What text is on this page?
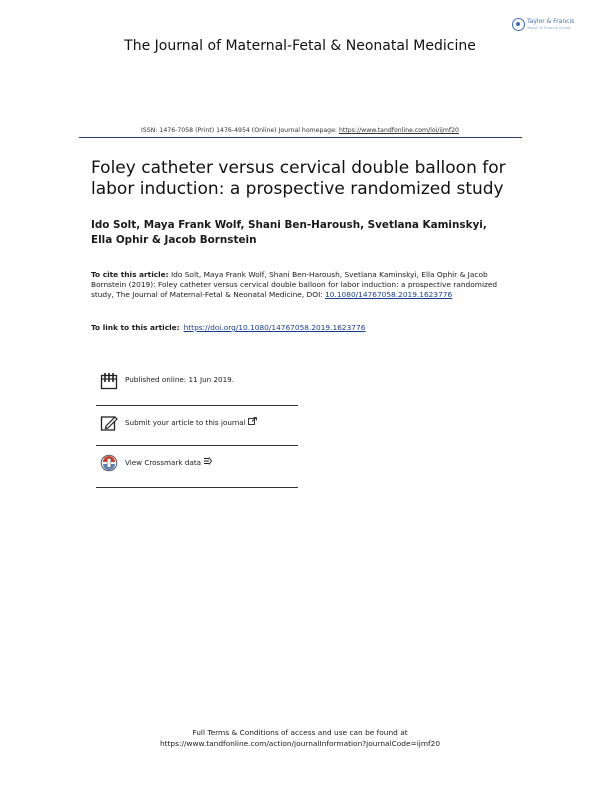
Taylor & Francis
Taylor & Francis Group
The Journal of Maternal-Fetal & Neonatal Medicine
ISSN: 1476-7058 (Print) 1476-4954 (Online) Journal homepage: https://www.tandfonline.com/loi/ijmf20
Foley catheter versus cervical double balloon for labor induction: a prospective randomized study
Ido Solt, Maya Frank Wolf, Shani Ben-Haroush, Svetlana Kaminskyi, Ella Ophir & Jacob Bornstein
To cite this article: Ido Solt, Maya Frank Wolf, Shani Ben-Haroush, Svetlana Kaminskyi, Ella Ophir & Jacob Bornstein (2019): Foley catheter versus cervical double balloon for labor induction: a prospective randomized study, The Journal of Maternal-Fetal & Neonatal Medicine, DOI: 10.1080/14767058.2019.1623776
To link to this article: https://doi.org/10.1080/14767058.2019.1623776
Published online: 11 Jun 2019.
Submit your article to this journal
View Crossmark data
Full Terms & Conditions of access and use can be found at
https://www.tandfonline.com/action/journalInformation?journalCode=ijmf20
